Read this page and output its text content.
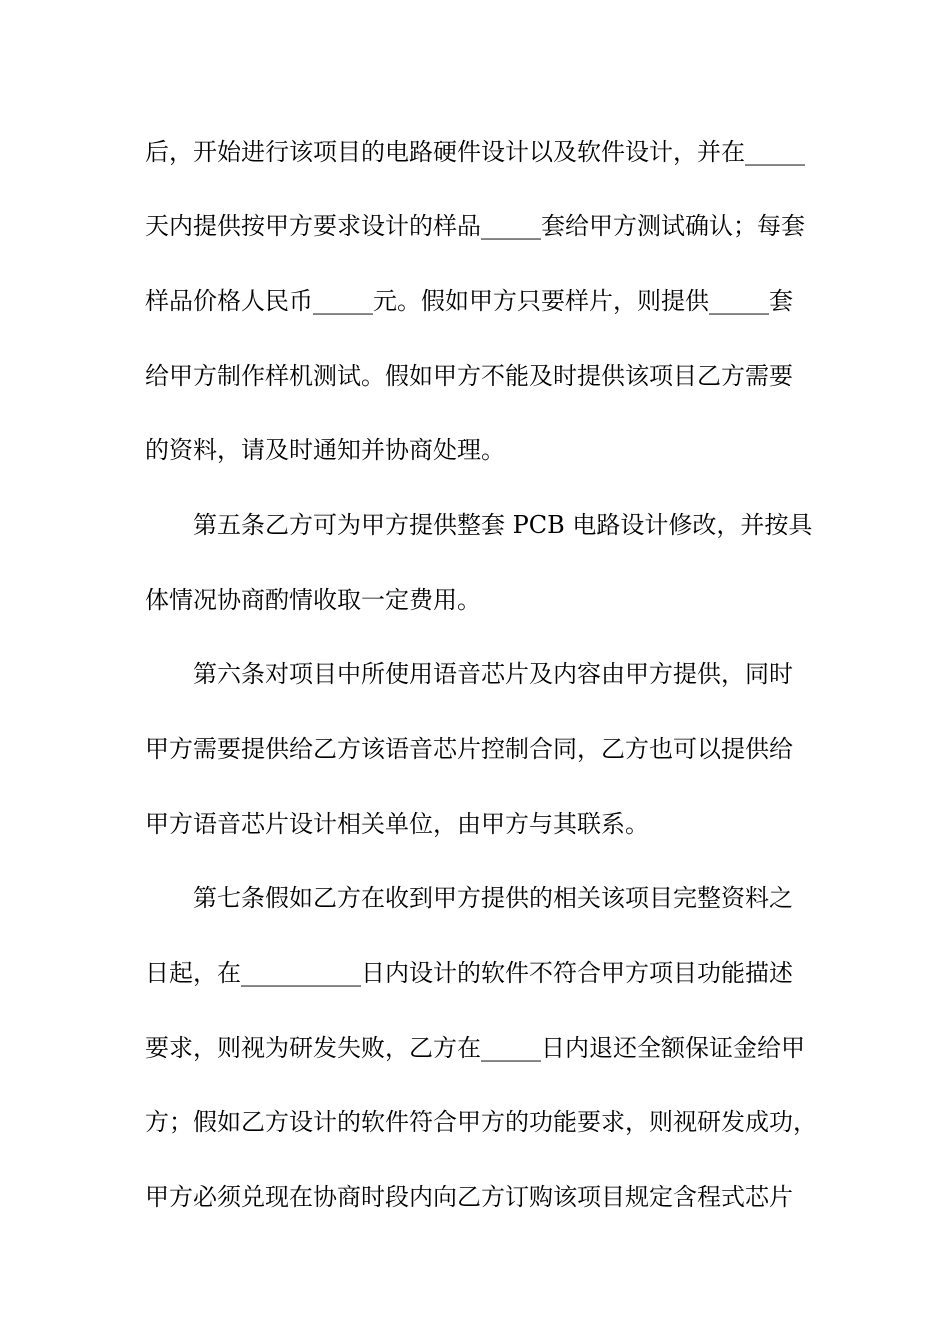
后，开始进行该项目的电路硬件设计以及软件设计，并在_____
天内提供按甲方要求设计的样品_____套给甲方测试确认；每套
样品价格人民币_____元。假如甲方只要样片，则提供_____套
给甲方制作样机测试。假如甲方不能及时提供该项目乙方需要
的资料，请及时通知并协商处理。
第五条乙方可为甲方提供整套 PCB 电路设计修改，并按具
体情况协商酌情收取一定费用。
第六条对项目中所使用语音芯片及内容由甲方提供，同时
甲方需要提供给乙方该语音芯片控制合同，乙方也可以提供给
甲方语音芯片设计相关单位，由甲方与其联系。
第七条假如乙方在收到甲方提供的相关该项目完整资料之
日起，在__________日内设计的软件不符合甲方项目功能描述
要求，则视为研发失败，乙方在_____日内退还全额保证金给甲
方；假如乙方设计的软件符合甲方的功能要求，则视研发成功，
甲方必须兑现在协商时段内向乙方订购该项目规定含程式芯片
